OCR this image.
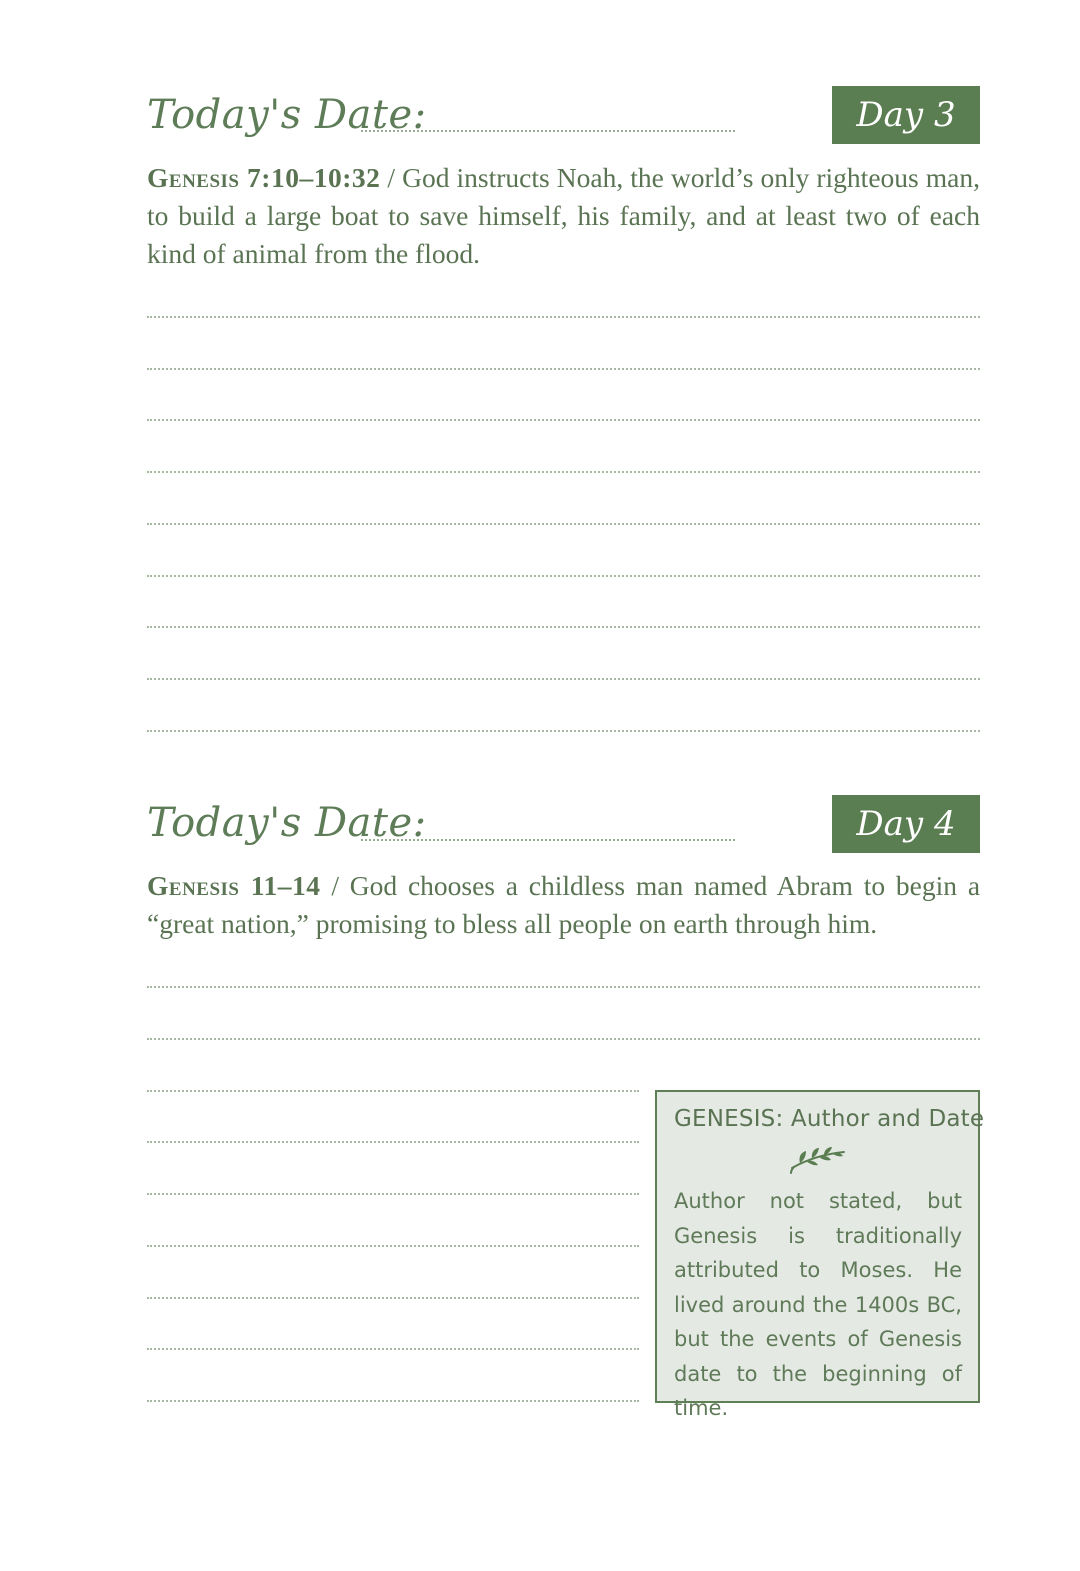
Today's Date:	Day 3
Genesis 7:10–10:32 / God instructs Noah, the world’s only righteous man, to build a large boat to save himself, his family, and at least two of each kind of animal from the flood.
Today's Date:	Day 4
Genesis 11–14 / God chooses a childless man named Abram to begin a “great nation,” promising to bless all people on earth through him.
GENESIS: Author and Date
Author not stated, but Genesis is traditionally attributed to Moses. He lived around the 1400s BC, but the events of Genesis date to the beginning of time.
